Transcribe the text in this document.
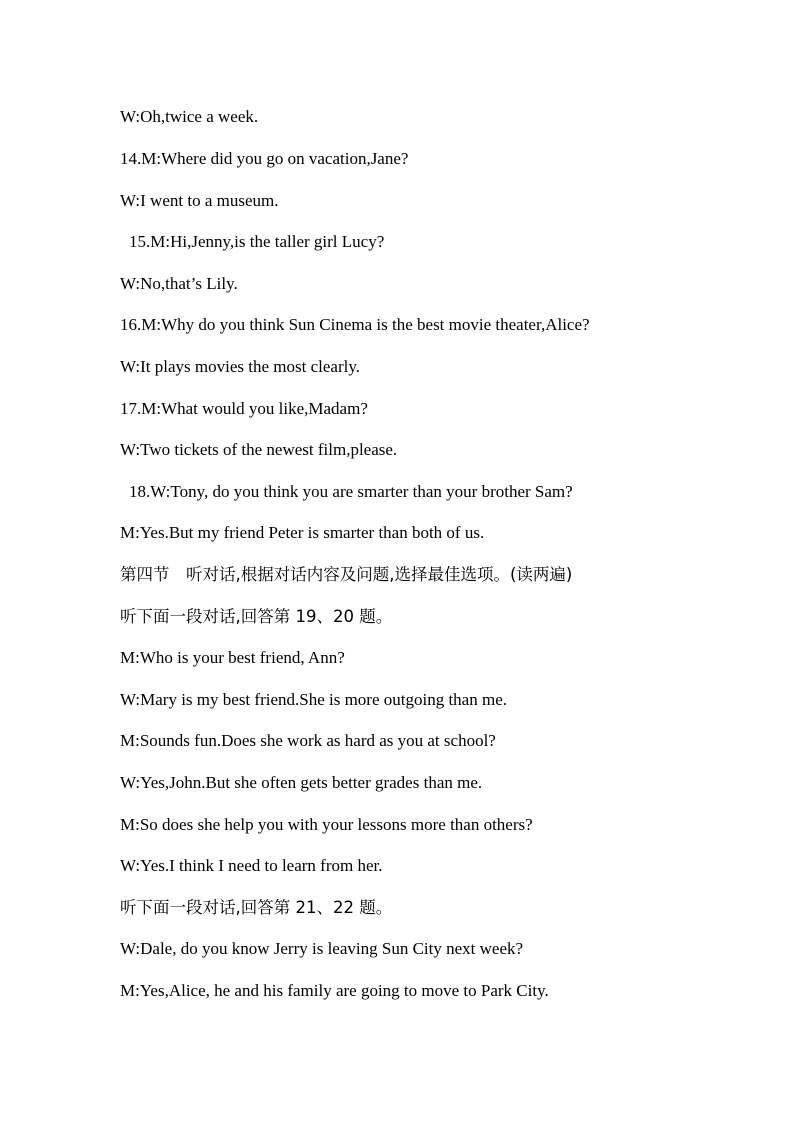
W:Oh,twice a week.
14.M:Where did you go on vacation,Jane?
W:I went to a museum.
15.M:Hi,Jenny,is the taller girl Lucy?
W:No,that’s Lily.
16.M:Why do you think Sun Cinema is the best movie theater,Alice?
W:It plays movies the most clearly.
17.M:What would you like,Madam?
W:Two tickets of the newest film,please.
18.W:Tony, do you think you are smarter than your brother Sam?
M:Yes.But my friend Peter is smarter than both of us.
第四节　听对话,根据对话内容及问题,选择最佳选项。(读两遍)
听下面一段对话,回答第 19、20 题。
M:Who is your best friend, Ann?
W:Mary is my best friend.She is more outgoing than me.
M:Sounds fun.Does she work as hard as you at school?
W:Yes,John.But she often gets better grades than me.
M:So does she help you with your lessons more than others?
W:Yes.I think I need to learn from her.
听下面一段对话,回答第 21、22 题。
W:Dale, do you know Jerry is leaving Sun City next week?
M:Yes,Alice, he and his family are going to move to Park City.
